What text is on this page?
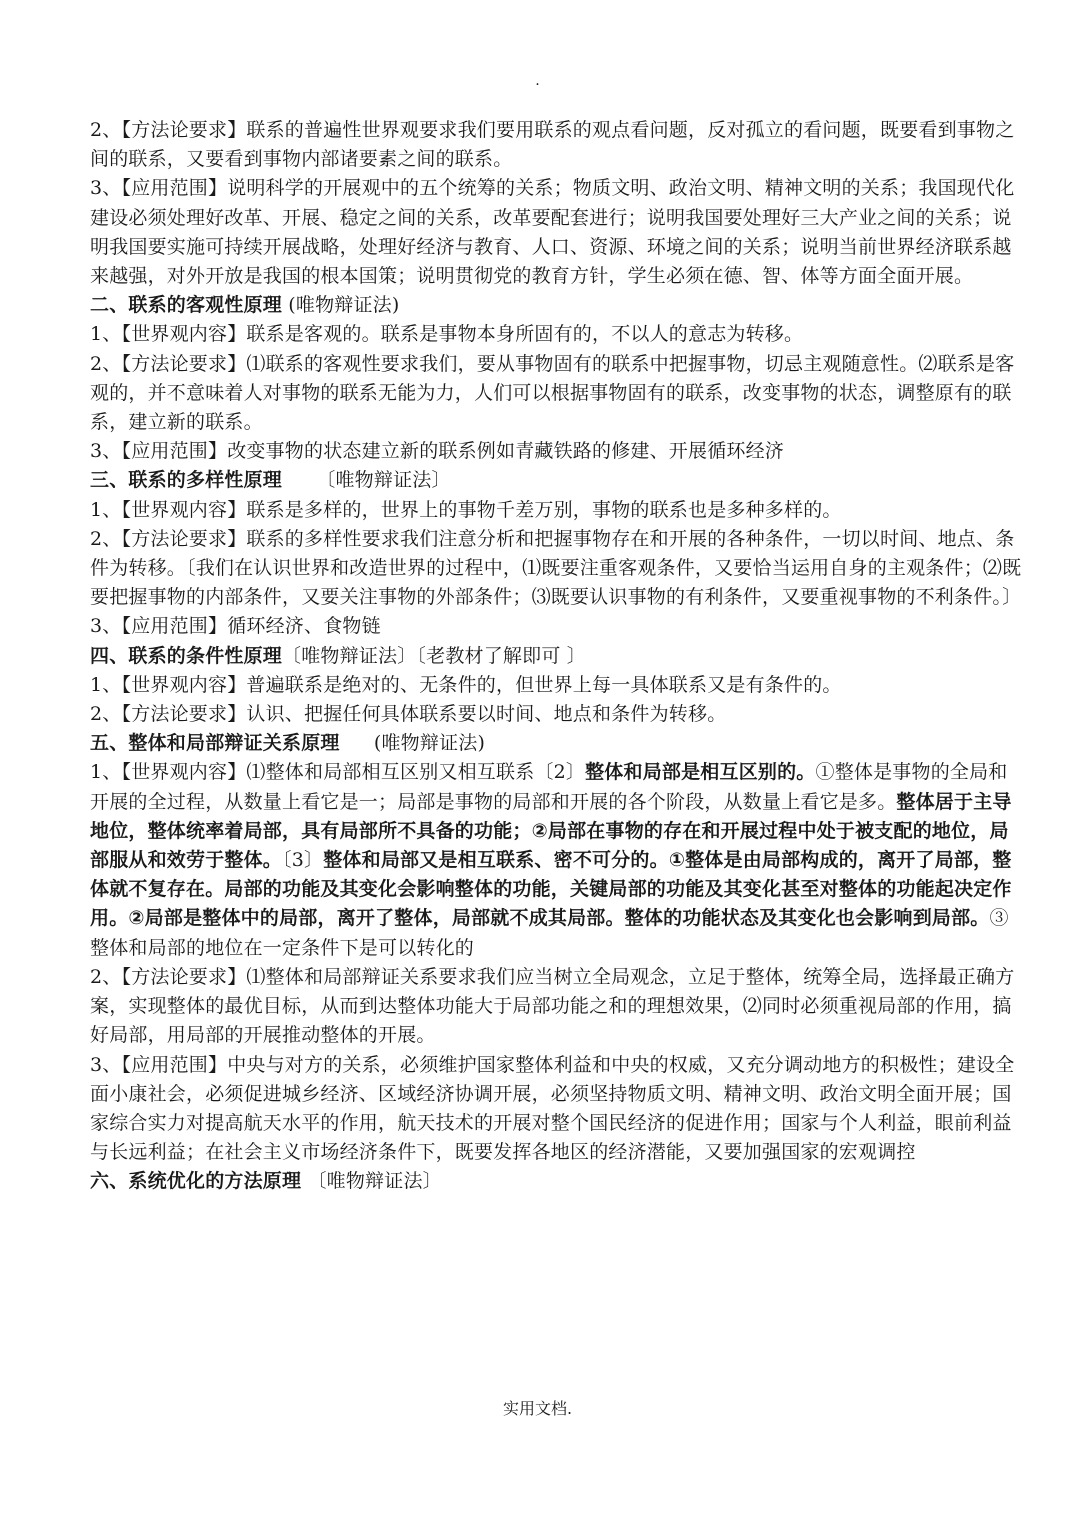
.

2、【方法论要求】联系的普遍性世界观要求我们要用联系的观点看问题，反对孤立的看问题，既要看到事物之间的联系，又要看到事物内部诸要素之间的联系。

3、【应用范围】说明科学的开展观中的五个统筹的关系；物质文明、政治文明、精神文明的关系；我国现代化建设必须处理好改革、开展、稳定之间的关系，改革要配套进行；说明我国要处理好三大产业之间的关系；说明我国要实施可持续开展战略，处理好经济与教育、人口、资源、环境之间的关系；说明当前世界经济联系越来越强，对外开放是我国的根本国策；说明贯彻党的教育方针，学生必须在德、智、体等方面全面开展。

二、联系的客观性原理 (唯物辩证法)

1、【世界观内容】联系是客观的。联系是事物本身所固有的，不以人的意志为转移。

2、【方法论要求】⑴联系的客观性要求我们，要从事物固有的联系中把握事物，切忌主观随意性。⑵联系是客观的，并不意味着人对事物的联系无能为力，人们可以根据事物固有的联系，改变事物的状态，调整原有的联系，建立新的联系。

3、【应用范围】改变事物的状态建立新的联系例如青藏铁路的修建、开展循环经济

三、联系的多样性原理 〔唯物辩证法〕

1、【世界观内容】联系是多样的，世界上的事物千差万别，事物的联系也是多种多样的。

2、【方法论要求】联系的多样性要求我们注意分析和把握事物存在和开展的各种条件，一切以时间、地点、条件为转移。〔我们在认识世界和改造世界的过程中，⑴既要注重客观条件，又要恰当运用自身的主观条件；⑵既要把握事物的内部条件，又要关注事物的外部条件；⑶既要认识事物的有利条件，又要重视事物的不利条件。〕

3、【应用范围】循环经济、食物链

四、联系的条件性原理〔唯物辩证法〕〔老教材了解即可 〕

1、【世界观内容】普遍联系是绝对的、无条件的，但世界上每一具体联系又是有条件的。

2、【方法论要求】认识、把握任何具体联系要以时间、地点和条件为转移。

五、整体和局部辩证关系原理 (唯物辩证法)

1、【世界观内容】⑴整体和局部相互区别又相互联系〔2〕整体和局部是相互区别的。①整体是事物的全局和开展的全过程，从数量上看它是一；局部是事物的局部和开展的各个阶段，从数量上看它是多。整体居于主导地位，整体统率着局部，具有局部所不具备的功能；②局部在事物的存在和开展过程中处于被支配的地位，局部服从和效劳于整体。〔3〕整体和局部又是相互联系、密不可分的。①整体是由局部构成的，离开了局部，整体就不复存在。局部的功能及其变化会影响整体的功能，关键局部的功能及其变化甚至对整体的功能起决定作用。②局部是整体中的局部，离开了整体，局部就不成其局部。整体的功能状态及其变化也会影响到局部。③整体和局部的地位在一定条件下是可以转化的

2、【方法论要求】⑴整体和局部辩证关系要求我们应当树立全局观念，立足于整体，统筹全局，选择最正确方案，实现整体的最优目标，从而到达整体功能大于局部功能之和的理想效果，⑵同时必须重视局部的作用，搞好局部，用局部的开展推动整体的开展。

3、【应用范围】中央与对方的关系，必须维护国家整体利益和中央的权威，又充分调动地方的积极性；建设全面小康社会，必须促进城乡经济、区域经济协调开展，必须坚持物质文明、精神文明、政治文明全面开展；国家综合实力对提高航天水平的作用，航天技术的开展对整个国民经济的促进作用；国家与个人利益，眼前利益与长远利益；在社会主义市场经济条件下，既要发挥各地区的经济潜能，又要加强国家的宏观调控

六、系统优化的方法原理 〔唯物辩证法〕

实用文档.
